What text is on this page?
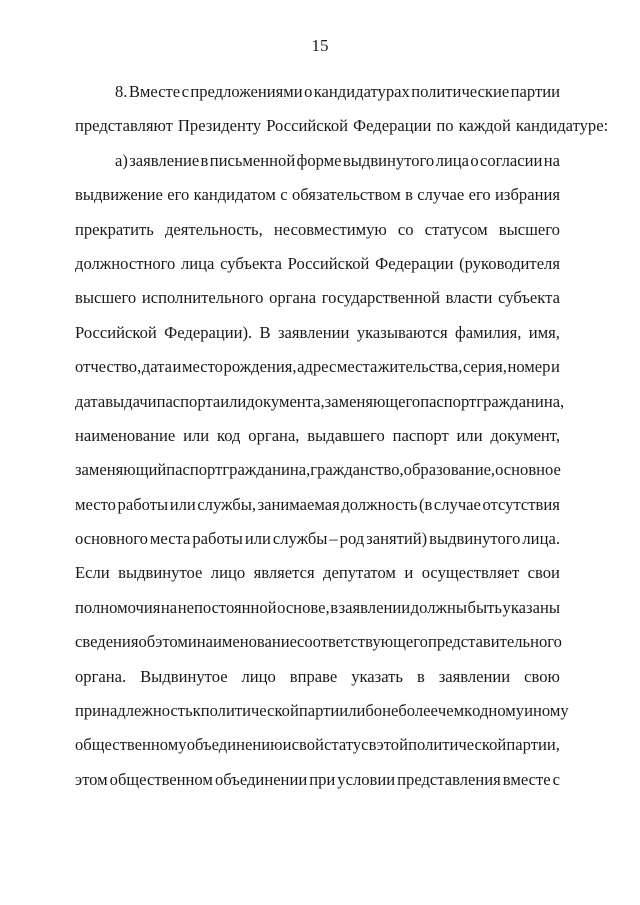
15
8. Вместе с предложениями о кандидатурах политические партии
представляют Президенту Российской Федерации по каждой кандидатуре:
а) заявление в письменной форме выдвинутого лица о согласии на
выдвижение его кандидатом с обязательством в случае его избрания
прекратить деятельность, несовместимую со статусом высшего
должностного лица субъекта Российской Федерации (руководителя
высшего исполнительного органа государственной власти субъекта
Российской Федерации). В заявлении указываются фамилия, имя,
отчество, дата и место рождения, адрес места жительства, серия, номер и
дата выдачи паспорта или документа, заменяющего паспорт гражданина,
наименование или код органа, выдавшего паспорт или документ,
заменяющий паспорт гражданина, гражданство, образование, основное
место работы или службы, занимаемая должность (в случае отсутствия
основного места работы или службы – род занятий) выдвинутого лица.
Если выдвинутое лицо является депутатом и осуществляет свои
полномочия на непостоянной основе, в заявлении должны быть указаны
сведения об этом и наименование соответствующего представительного
органа. Выдвинутое лицо вправе указать в заявлении свою
принадлежность к политической партии либо не более чем к одному иному
общественному объединению и свой статус в этой политической партии,
этом общественном объединении при условии представления вместе с
